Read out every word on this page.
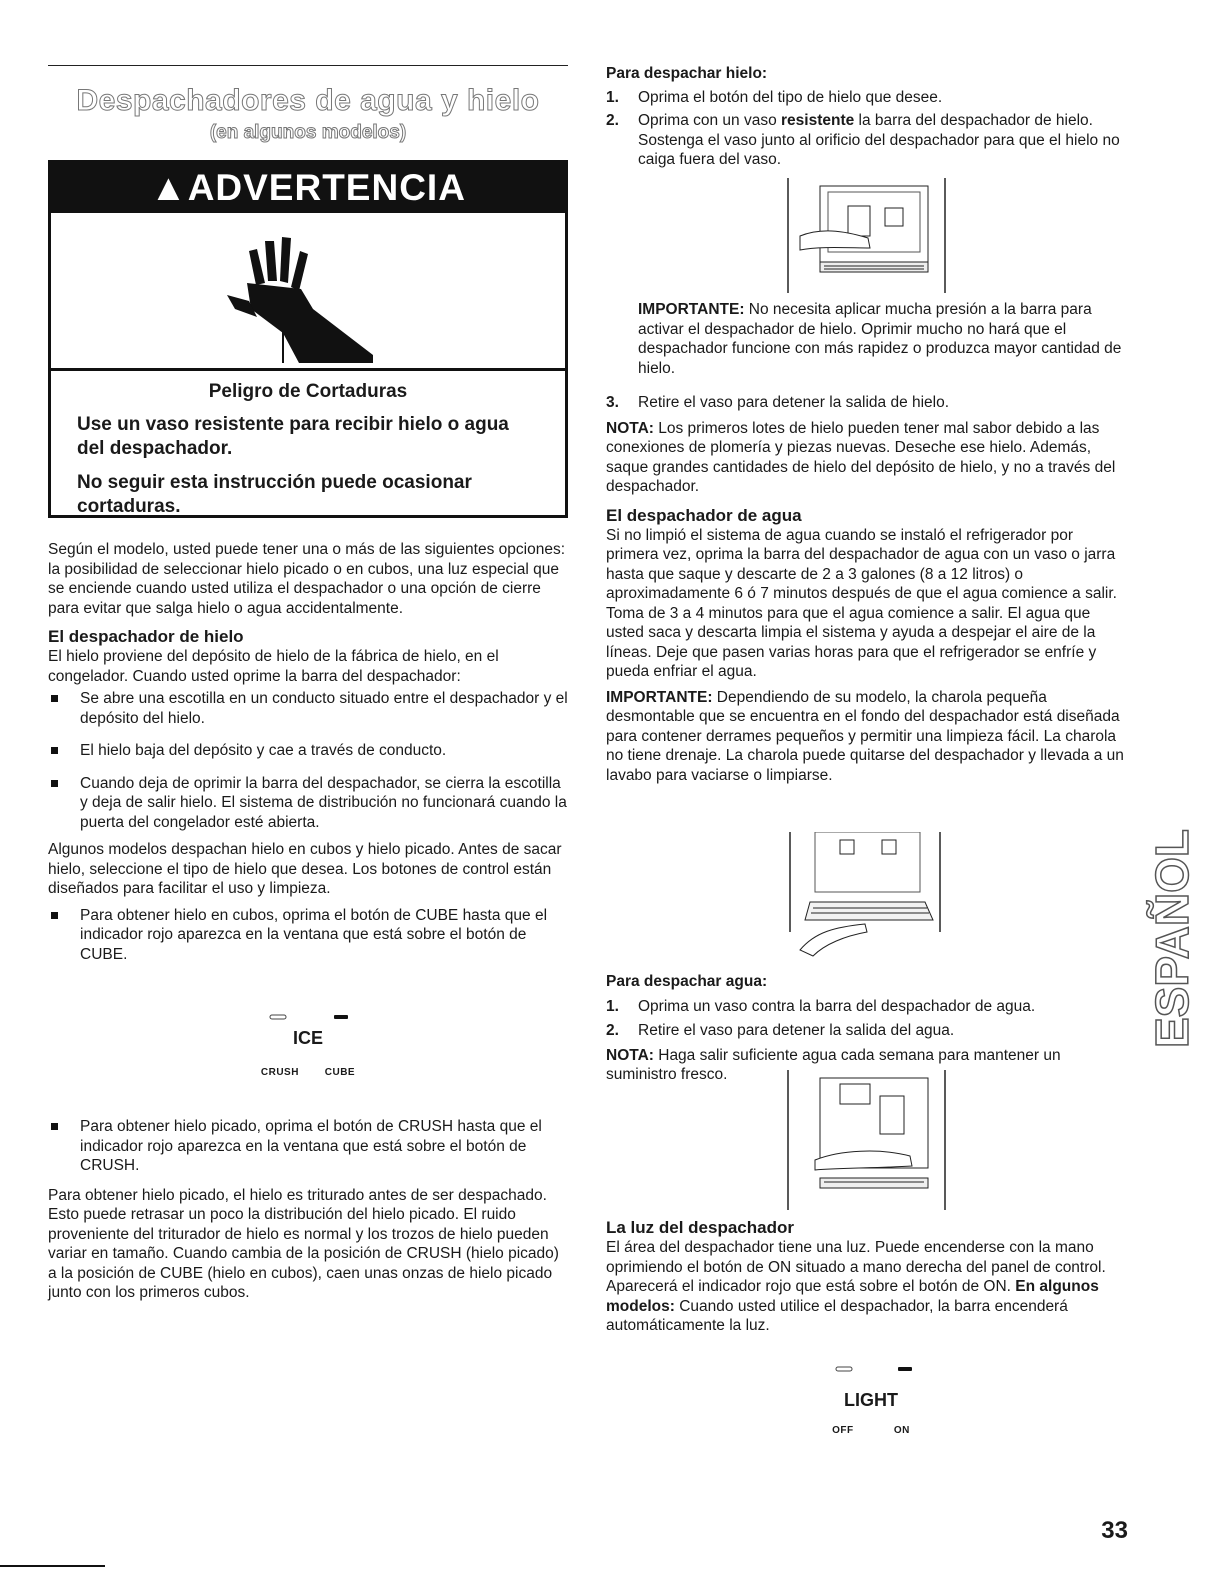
Despachadores de agua y hielo
(en algunos modelos)
▲ADVERTENCIA
Peligro de Cortaduras
Use un vaso resistente para recibir hielo o agua del despachador.
No seguir esta instrucción puede ocasionar cortaduras.

Según el modelo, usted puede tener una o más de las siguientes opciones: la posibilidad de seleccionar hielo picado o en cubos, una luz especial que se enciende cuando usted utiliza el despachador o una opción de cierre para evitar que salga hielo o agua accidentalmente.

El despachador de hielo

El hielo proviene del depósito de hielo de la fábrica de hielo, en el congelador. Cuando usted oprime la barra del despachador:

Se abre una escotilla en un conducto situado entre el despachador y el depósito del hielo.

El hielo baja del depósito y cae a través de conducto.

Cuando deja de oprimir la barra del despachador, se cierra la escotilla y deja de salir hielo. El sistema de distribución no funcionará cuando la puerta del congelador esté abierta.

Algunos modelos despachan hielo en cubos y hielo picado. Antes de sacar hielo, seleccione el tipo de hielo que desea. Los botones de control están diseñados para facilitar el uso y limpieza.

Para obtener hielo en cubos, oprima el botón de CUBE hasta que el indicador rojo aparezca en la ventana que está sobre el botón de CUBE.

ICE
CRUSH	CUBE

Para obtener hielo picado, oprima el botón de CRUSH hasta que el indicador rojo aparezca en la ventana que está sobre el botón de CRUSH.

Para obtener hielo picado, el hielo es triturado antes de ser despachado. Esto puede retrasar un poco la distribución del hielo picado. El ruido proveniente del triturador de hielo es normal y los trozos de hielo pueden variar en tamaño. Cuando cambia de la posición de CRUSH (hielo picado) a la posición de CUBE (hielo en cubos), caen unas onzas de hielo picado junto con los primeros cubos.

Para despachar hielo:

1. Oprima el botón del tipo de hielo que desee.

2. Oprima con un vaso resistente la barra del despachador de hielo. Sostenga el vaso junto al orificio del despachador para que el hielo no caiga fuera del vaso.

IMPORTANTE: No necesita aplicar mucha presión a la barra para activar el despachador de hielo. Oprimir mucho no hará que el despachador funcione con más rapidez o produzca mayor cantidad de hielo.

3. Retire el vaso para detener la salida de hielo.

NOTA: Los primeros lotes de hielo pueden tener mal sabor debido a las conexiones de plomería y piezas nuevas. Deseche ese hielo. Además, saque grandes cantidades de hielo del depósito de hielo, y no a través del despachador.

El despachador de agua

Si no limpió el sistema de agua cuando se instaló el refrigerador por primera vez, oprima la barra del despachador de agua con un vaso o jarra hasta que saque y descarte de 2 a 3 galones (8 a 12 litros) o aproximadamente 6 ó 7 minutos después de que el agua comience a salir. Toma de 3 a 4 minutos para que el agua comience a salir. El agua que usted saca y descarta limpia el sistema y ayuda a despejar el aire de la líneas. Deje que pasen varias horas para que el refrigerador se enfríe y pueda enfriar el agua.

IMPORTANTE: Dependiendo de su modelo, la charola pequeña desmontable que se encuentra en el fondo del despachador está diseñada para contener derrames pequeños y permitir una limpieza fácil. La charola no tiene drenaje. La charola puede quitarse del despachador y llevada a un lavabo para vaciarse o limpiarse.

Para despachar agua:

1. Oprima un vaso contra la barra del despachador de agua.

2. Retire el vaso para detener la salida del agua.

NOTA: Haga salir suficiente agua cada semana para mantener un suministro fresco.

La luz del despachador

El área del despachador tiene una luz. Puede encenderse con la mano oprimiendo el botón de ON situado a mano derecha del panel de control. Aparecerá el indicador rojo que está sobre el botón de ON. En algunos modelos: Cuando usted utilice el despachador, la barra encenderá automáticamente la luz.

LIGHT
OFF	ON
ESPAÑOL
33
